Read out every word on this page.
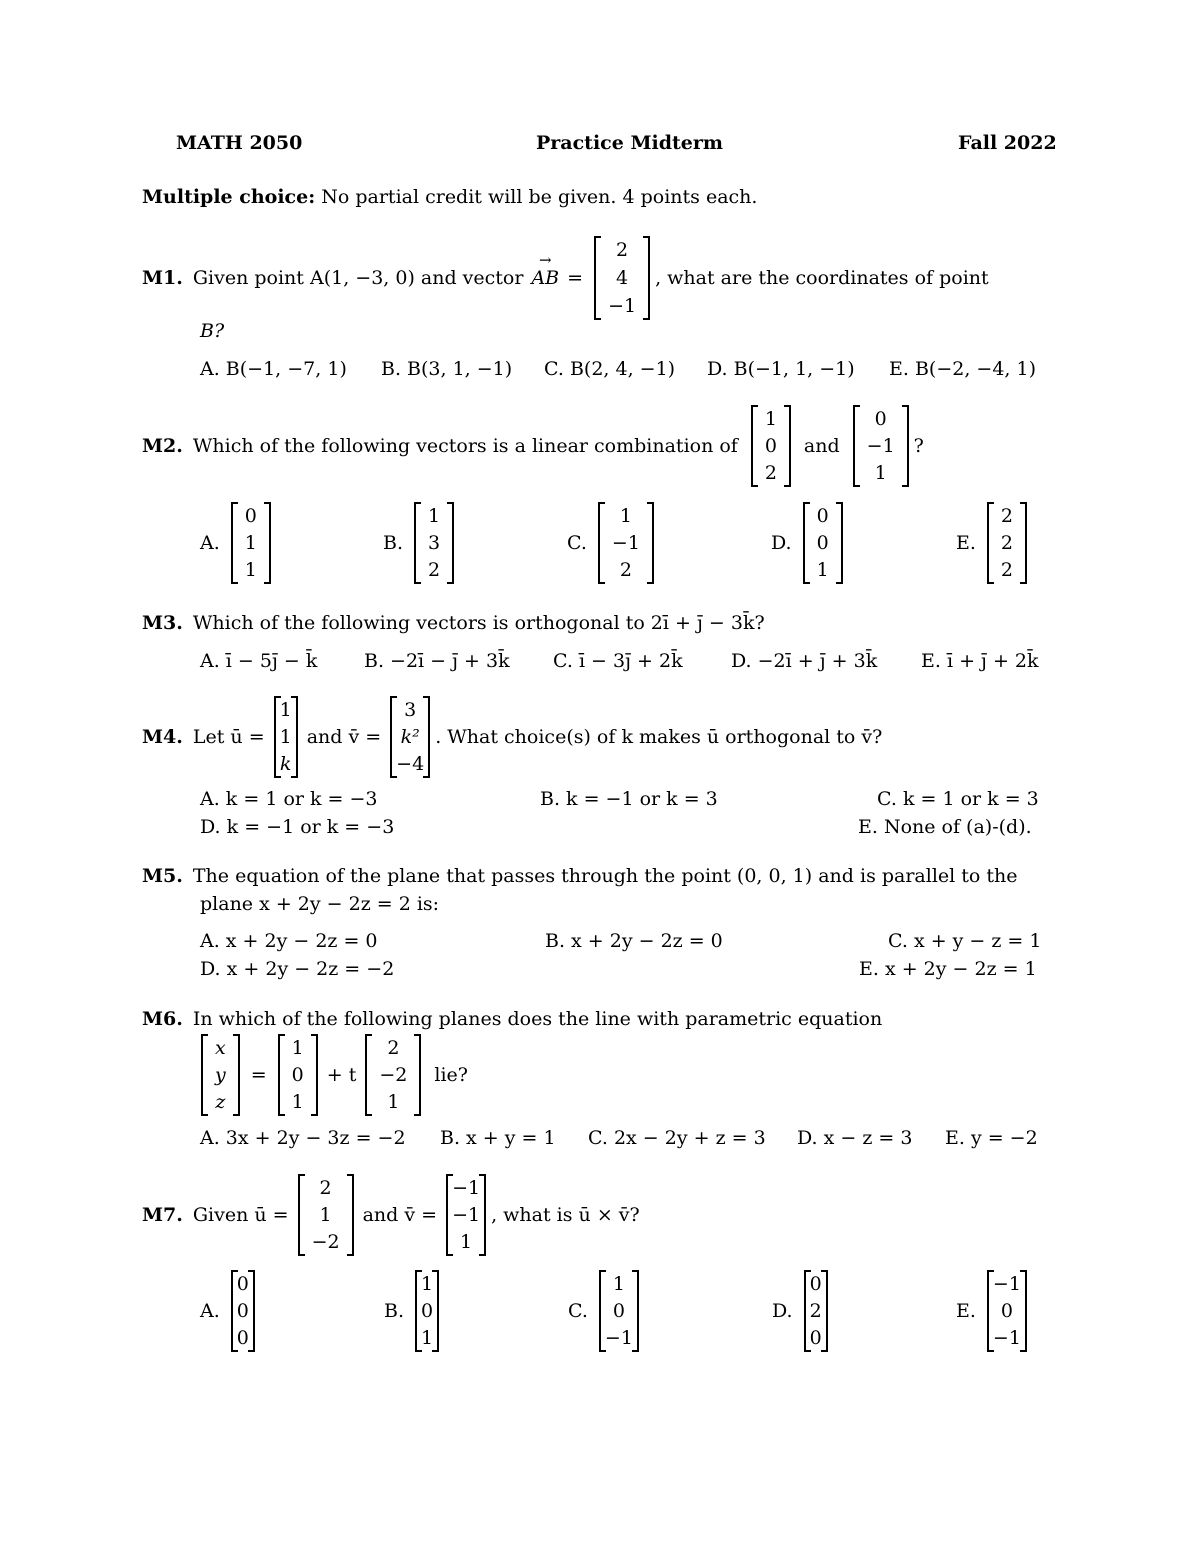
MATH 2050	Practice Midterm	Fall 2022
Multiple choice: No partial credit will be given. 4 points each.
M1. Given point A(1, −3, 0) and vector
→ AB =
2
4
−1
, what are the coordinates of point
B?
A. B(−1, −7, 1) B. B(3, 1, −1) C. B(2, 4, −1) D. B(−1, 1, −1) E. B(−2, −4, 1)
M2. Which of the following vectors is a linear combination of
1
0
2
and
0
−1
1
?
A.
0
1
1
B.
1
3
2
C.
1
−1
2
D.
0
0
1
E.
2
2
2
M3. Which of the following vectors is orthogonal to 2ī + j̄ − 3k̄?
A. ī − 5j̄ − k̄ B. −2ī − j̄ + 3k̄ C. ī − 3j̄ + 2k̄	D. −2ī + j̄ + 3k̄ E. ī + j̄ + 2k̄
M4. Let ū =
1
1
k
and v̄ =
3
k²
−4
. What choice(s) of k makes ū orthogonal to v̄?
A. k = 1 or k = −3	B. k = −1 or k = 3	C. k = 1 or k = 3
D. k = −1 or k = −3	E. None of (a)-(d).
M5. The equation of the plane that passes through the point (0, 0, 1) and is parallel to the
plane x + 2y − 2z = 2 is:
A. x + 2y − 2z = 0	B. x + 2y − 2z = 0	C. x + y − z = 1
D. x + 2y − 2z = −2	E. x + 2y − 2z = 1
M6. In which of the following planes does the line with parametric equation
x
y
z
=
1
0
1
+ t
2
−2
1
lie?
A. 3x + 2y − 3z = −2 B. x + y = 1 C. 2x − 2y + z = 3 D. x − z = 3 E. y = −2
M7. Given ū =
2
1
−2
and v̄ =
−1
−1
1
, what is ū × v̄?
A.
0
0
0
B.
1
0
1
C.
1
0
−1
D.
0
2
0
E.
−1
0
−1
